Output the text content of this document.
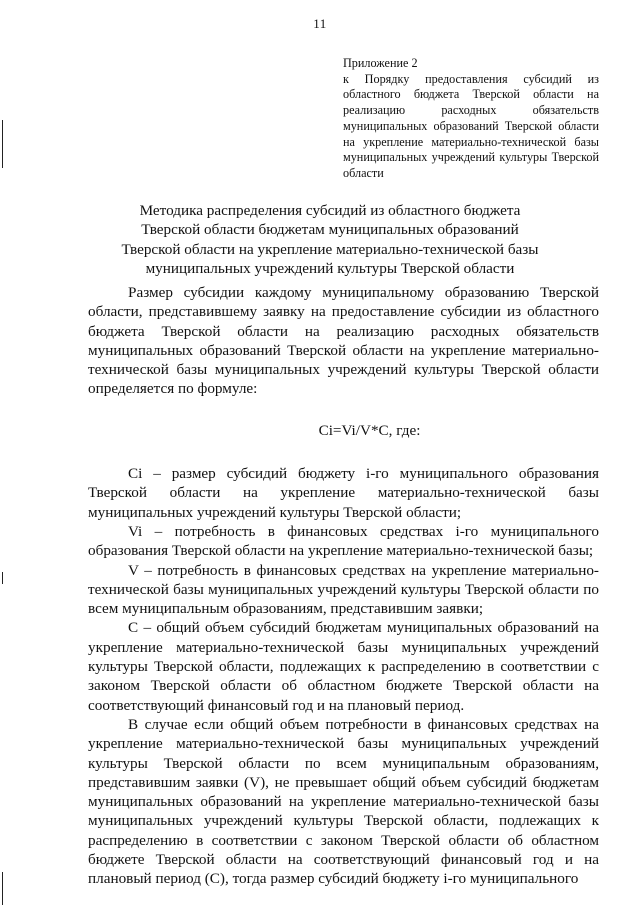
11
Приложение 2
к Порядку предоставления субсидий из областного бюджета Тверской области на реализацию расходных обязательств муниципальных образований Тверской области на укрепление материально-технической базы муниципальных учреждений культуры Тверской области
Методика распределения субсидий из областного бюджета
Тверской области бюджетам муниципальных образований
Тверской области на укрепление материально-технической базы
муниципальных учреждений культуры Тверской области

Размер субсидии каждому муниципальному образованию Тверской области, представившему заявку на предоставление субсидии из областного бюджета Тверской области на реализацию расходных обязательств муниципальных образований Тверской области на укрепление материально-технической базы муниципальных учреждений культуры Тверской области определяется по формуле:

Ci=Vi/V*C, где:

Ci – размер субсидий бюджету i-го муниципального образования Тверской области на укрепление материально-технической базы муниципальных учреждений культуры Тверской области;

Vi – потребность в финансовых средствах i-го муниципального образования Тверской области на укрепление материально-технической базы;

V – потребность в финансовых средствах на укрепление материально-технической базы муниципальных учреждений культуры Тверской области по всем муниципальным образованиям, представившим заявки;

С – общий объем субсидий бюджетам муниципальных образований на укрепление материально-технической базы муниципальных учреждений культуры Тверской области, подлежащих к распределению в соответствии с законом Тверской области об областном бюджете Тверской области на соответствующий финансовый год и на плановый период.

В случае если общий объем потребности в финансовых средствах на укрепление материально-технической базы муниципальных учреждений культуры Тверской области по всем муниципальным образованиям, представившим заявки (V), не превышает общий объем субсидий бюджетам муниципальных образований на укрепление материально-технической базы муниципальных учреждений культуры Тверской области, подлежащих к распределению в соответствии с законом Тверской области об областном бюджете Тверской области на соответствующий финансовый год и на плановый период (С), тогда размер субсидий бюджету i-го муниципального
